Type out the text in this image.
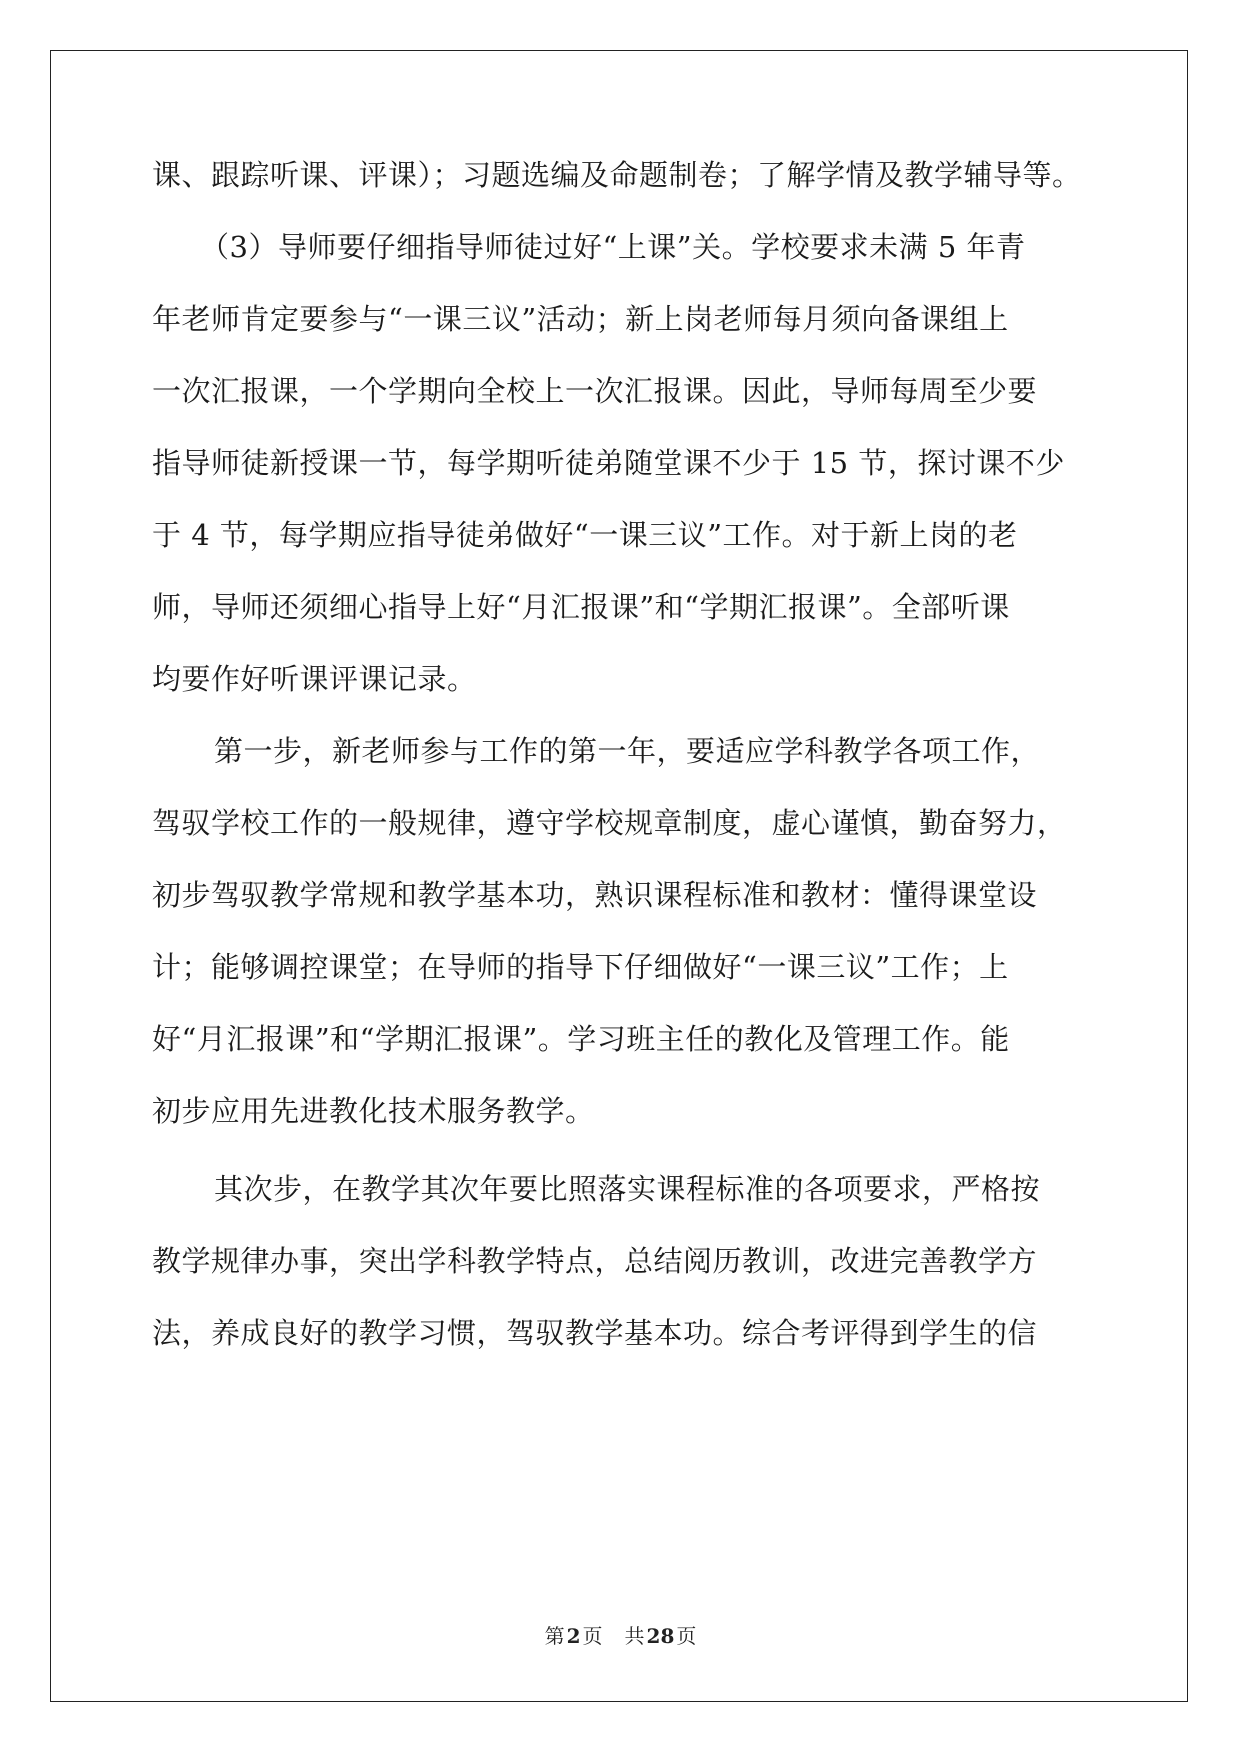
课、跟踪听课、评课）；习题选编及命题制卷；了解学情及教学辅导等。
（3）导师要仔细指导师徒过好“上课”关。学校要求未满 5 年青
年老师肯定要参与“一课三议”活动；新上岗老师每月须向备课组上
一次汇报课，一个学期向全校上一次汇报课。因此，导师每周至少要
指导师徒新授课一节，每学期听徒弟随堂课不少于 15 节，探讨课不少
于 4 节，每学期应指导徒弟做好“一课三议”工作。对于新上岗的老
师，导师还须细心指导上好“月汇报课”和“学期汇报课”。全部听课
均要作好听课评课记录。
第一步，新老师参与工作的第一年，要适应学科教学各项工作，
驾驭学校工作的一般规律，遵守学校规章制度，虚心谨慎，勤奋努力，
初步驾驭教学常规和教学基本功，熟识课程标准和教材：懂得课堂设
计；能够调控课堂；在导师的指导下仔细做好“一课三议”工作；上
好“月汇报课”和“学期汇报课”。学习班主任的教化及管理工作。能
初步应用先进教化技术服务教学。
其次步，在教学其次年要比照落实课程标准的各项要求，严格按
教学规律办事，突出学科教学特点，总结阅历教训，改进完善教学方
法，养成良好的教学习惯，驾驭教学基本功。综合考评得到学生的信
第 2 页 共 28 页
